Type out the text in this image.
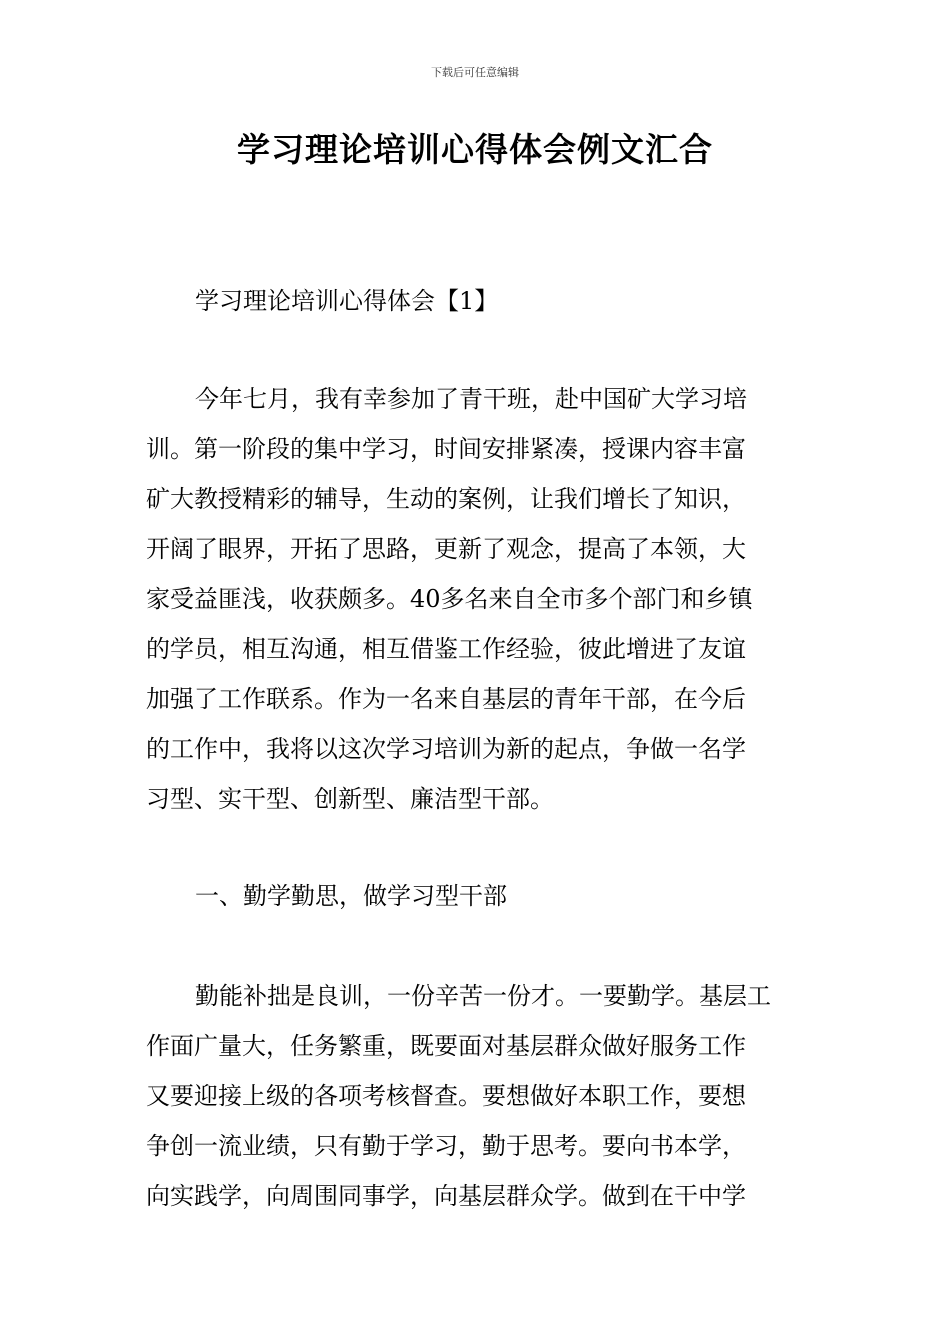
下载后可任意编辑
学习理论培训心得体会例文汇合
学习理论培训心得体会【1】
今年七月，我有幸参加了青干班，赴中国矿大学习培
训。第一阶段的集中学习，时间安排紧凑，授课内容丰富
矿大教授精彩的辅导，生动的案例，让我们增长了知识，
开阔了眼界，开拓了思路，更新了观念，提高了本领，大
家受益匪浅，收获颇多。40多名来自全市多个部门和乡镇
的学员，相互沟通，相互借鉴工作经验，彼此增进了友谊
加强了工作联系。作为一名来自基层的青年干部，在今后
的工作中，我将以这次学习培训为新的起点，争做一名学
习型、实干型、创新型、廉洁型干部。
一、勤学勤思，做学习型干部
勤能补拙是良训，一份辛苦一份才。一要勤学。基层工
作面广量大，任务繁重，既要面对基层群众做好服务工作
又要迎接上级的各项考核督查。要想做好本职工作，要想
争创一流业绩，只有勤于学习，勤于思考。要向书本学，
向实践学，向周围同事学，向基层群众学。做到在干中学
